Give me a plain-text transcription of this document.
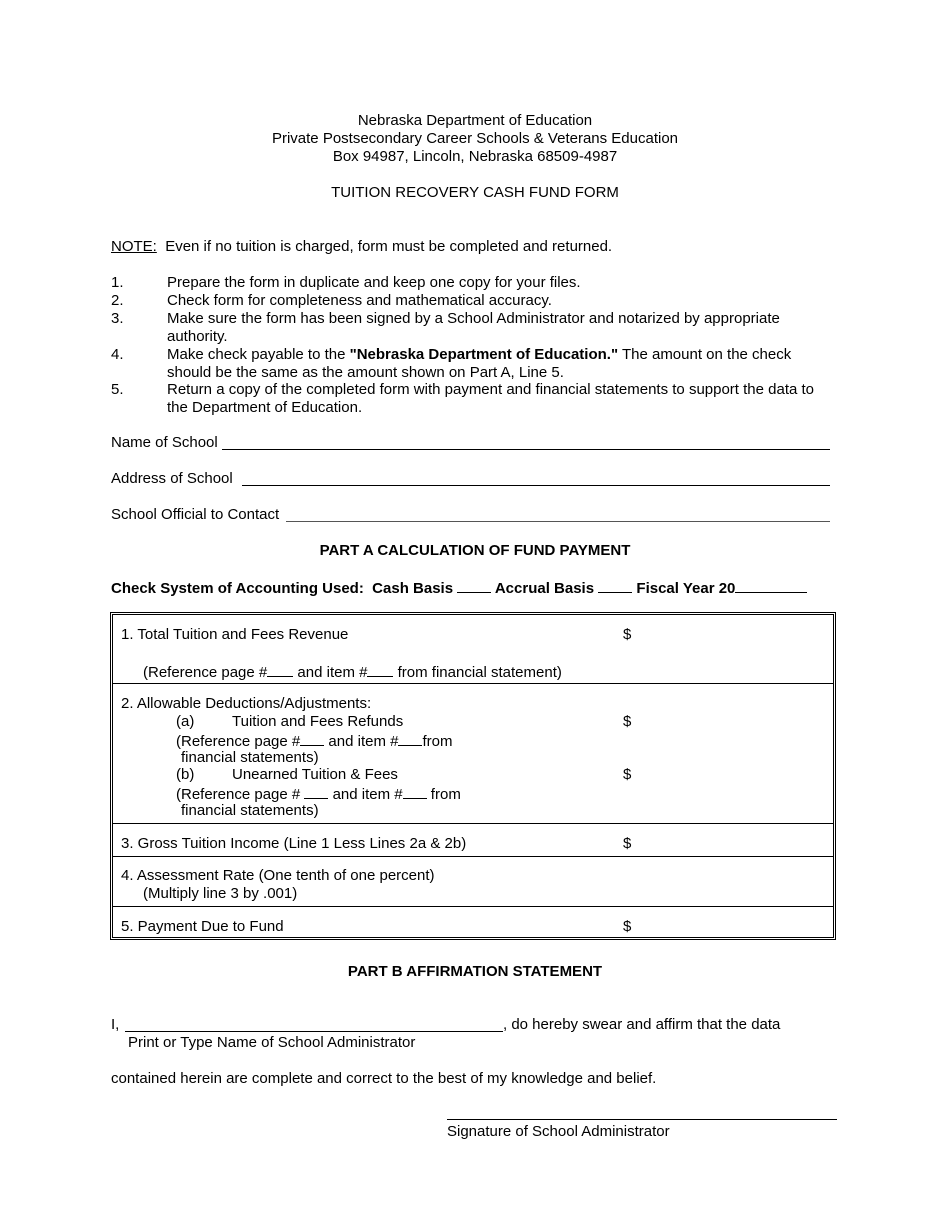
Nebraska Department of Education
Private Postsecondary Career Schools & Veterans Education
Box 94987, Lincoln, Nebraska 68509-4987
TUITION RECOVERY CASH FUND FORM
NOTE: Even if no tuition is charged, form must be completed and returned.
1.	Prepare the form in duplicate and keep one copy for your files.
2.	Check form for completeness and mathematical accuracy.
3.	Make sure the form has been signed by a School Administrator and notarized by appropriate
authority.
4.	Make check payable to the "Nebraska Department of Education." The amount on the check
should be the same as the amount shown on Part A, Line 5.
5.	Return a copy of the completed form with payment and financial statements to support the data to
the Department of Education.
Name of School
Address of School
School Official to Contact
PART A CALCULATION OF FUND PAYMENT
Check System of Accounting Used: Cash Basis	Accrual Basis	Fiscal Year 20
1. Total Tuition and Fees Revenue	$
(Reference page # and item # from financial statement)
2. Allowable Deductions/Adjustments:
(a)	Tuition and Fees Refunds	$
(Reference page # and item # from
financial statements)
(b)	Unearned Tuition & Fees	$
(Reference page #  and item # from
financial statements)
3. Gross Tuition Income (Line 1 Less Lines 2a & 2b)	$
4. Assessment Rate (One tenth of one percent)
(Multiply line 3 by .001)
5. Payment Due to Fund	$
PART B AFFIRMATION STATEMENT
I,	, do hereby swear and affirm that the data
Print or Type Name of School Administrator
contained herein are complete and correct to the best of my knowledge and belief.
Signature of School Administrator
